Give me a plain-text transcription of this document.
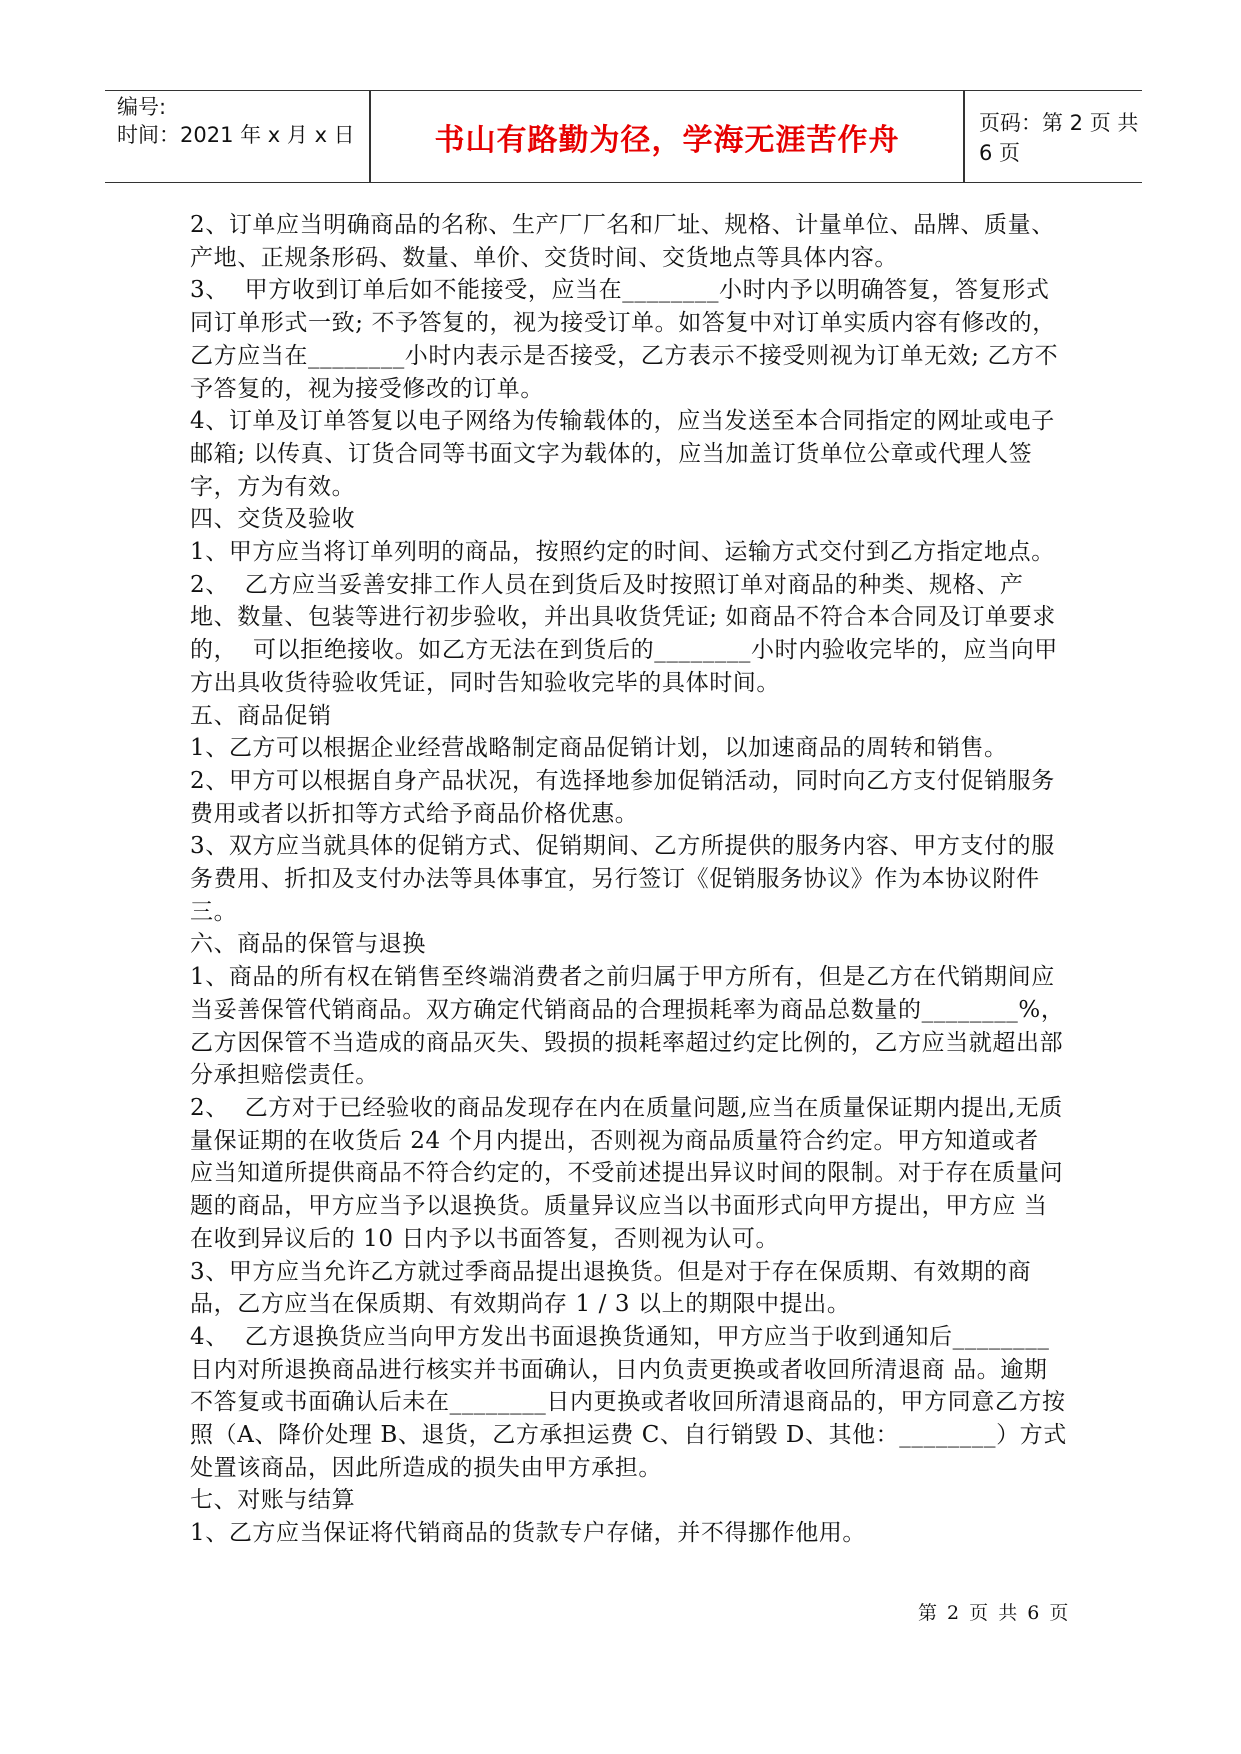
编号:
时间：2021 年 x 月 x 日	书山有路勤为径，学海无涯苦作舟	页码：第 2 页 共 6 页

2、订单应当明确商品的名称、生产厂厂名和厂址、规格、计量单位、品牌、质量、产地、正规条形码、数量、单价、交货时间、交货地点等具体内容。

3、  甲方收到订单后如不能接受，应当在________小时内予以明确答复，答复形式同订单形式一致; 不予答复的，视为接受订单。如答复中对订单实质内容有修改的，乙方应当在________小时内表示是否接受，乙方表示不接受则视为订单无效; 乙方不予答复的，视为接受修改的订单。

4、订单及订单答复以电子网络为传输载体的，应当发送至本合同指定的网址或电子邮箱; 以传真、订货合同等书面文字为载体的，应当加盖订货单位公章或代理人签字，方为有效。

四、交货及验收

1、甲方应当将订单列明的商品，按照约定的时间、运输方式交付到乙方指定地点。

2、  乙方应当妥善安排工作人员在到货后及时按照订单对商品的种类、规格、产地、数量、包装等进行初步验收，并出具收货凭证; 如商品不符合本合同及订单要求的，  可以拒绝接收。如乙方无法在到货后的________小时内验收完毕的，应当向甲方出具收货待验收凭证，同时告知验收完毕的具体时间。

五、商品促销

1、乙方可以根据企业经营战略制定商品促销计划，以加速商品的周转和销售。

2、甲方可以根据自身产品状况，有选择地参加促销活动，同时向乙方支付促销服务费用或者以折扣等方式给予商品价格优惠。

3、双方应当就具体的促销方式、促销期间、乙方所提供的服务内容、甲方支付的服务费用、折扣及支付办法等具体事宜，另行签订《促销服务协议》作为本协议附件三。

六、商品的保管与退换

1、商品的所有权在销售至终端消费者之前归属于甲方所有，但是乙方在代销期间应当妥善保管代销商品。双方确定代销商品的合理损耗率为商品总数量的________%，乙方因保管不当造成的商品灭失、毁损的损耗率超过约定比例的，乙方应当就超出部分承担赔偿责任。

2、  乙方对于已经验收的商品发现存在内在质量问题,应当在质量保证期内提出,无质量保证期的在收货后 24 个月内提出，否则视为商品质量符合约定。甲方知道或者 应当知道所提供商品不符合约定的，不受前述提出异议时间的限制。对于存在质量问题的商品，甲方应当予以退换货。质量异议应当以书面形式向甲方提出，甲方应 当在收到异议后的 10 日内予以书面答复，否则视为认可。

3、甲方应当允许乙方就过季商品提出退换货。但是对于存在保质期、有效期的商品，乙方应当在保质期、有效期尚存 1 / 3 以上的期限中提出。

4、  乙方退换货应当向甲方发出书面退换货通知，甲方应当于收到通知后________日内对所退换商品进行核实并书面确认，日内负责更换或者收回所清退商 品。逾期不答复或书面确认后未在________日内更换或者收回所清退商品的，甲方同意乙方按照（A、降价处理 B、退货，乙方承担运费 C、自行销毁 D、其他：________）方式处置该商品，因此所造成的损失由甲方承担。

七、对账与结算

1、乙方应当保证将代销商品的货款专户存储，并不得挪作他用。

第 2 页 共 6 页
